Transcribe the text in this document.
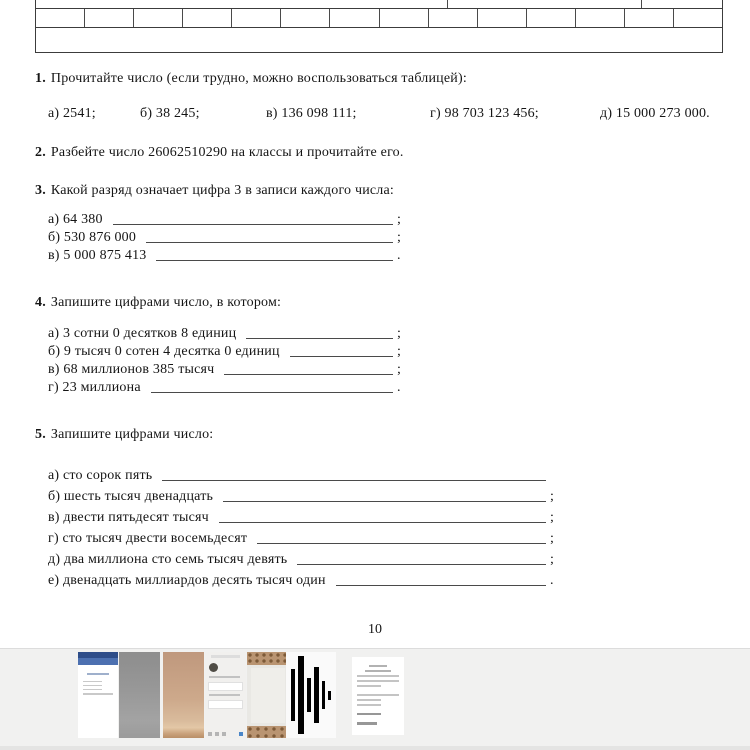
1. Прочитайте число (если трудно, можно воспользоваться таблицей):
а) 2541;	б) 38 245;	в) 136 098 111;	г) 98 703 123 456;	д) 15 000 273 000.
2. Разбейте число 26062510290 на классы и прочитайте его.
3. Какой разряд означает цифра 3 в записи каждого числа:
а) 64 380	;
б) 530 876 000	;
в) 5 000 875 413	.
4. Запишите цифрами число, в котором:
а) 3 сотни 0 десятков 8 единиц	;
б) 9 тысяч 0 сотен 4 десятка 0 единиц	;
в) 68 миллионов 385 тысяч	;
г) 23 миллиона	.
5. Запишите цифрами число:
а) сто сорок пять
б) шесть тысяч двенадцать	;
в) двести пятьдесят тысяч	;
г) сто тысяч двести восемьдесят	;
д) два миллиона сто семь тысяч девять	;
е) двенадцать миллиардов десять тысяч один	.
10
